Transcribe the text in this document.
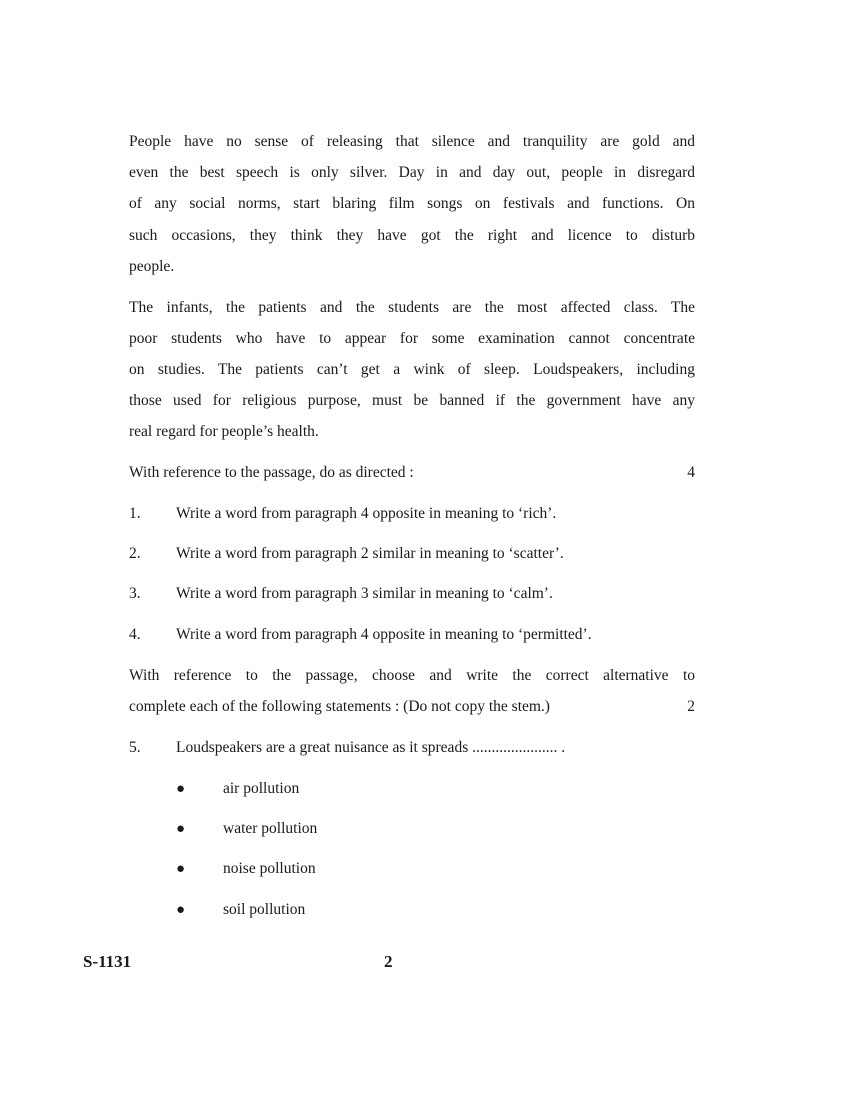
People have no sense of releasing that silence and tranquility are gold and
even the best speech is only silver. Day in and day out, people in disregard
of any social norms, start blaring film songs on festivals and functions. On
such occasions, they think they have got the right and licence to disturb
people.
The infants, the patients and the students are the most affected class. The
poor students who have to appear for some examination cannot concentrate
on studies. The patients can’t get a wink of sleep. Loudspeakers, including
those used for religious purpose, must be banned if the government have any
real regard for people’s health.
With reference to the passage, do as directed :	4
1. Write a word from paragraph 4 opposite in meaning to ‘rich’.
2. Write a word from paragraph 2 similar in meaning to ‘scatter’.
3. Write a word from paragraph 3 similar in meaning to ‘calm’.
4. Write a word from paragraph 4 opposite in meaning to ‘permitted’.
With reference to the passage, choose and write the correct alternative to
complete each of the following statements : (Do not copy the stem.)	2
5. Loudspeakers are a great nuisance as it spreads ...................... .
● air pollution
● water pollution
● noise pollution
● soil pollution
S-1131	2
